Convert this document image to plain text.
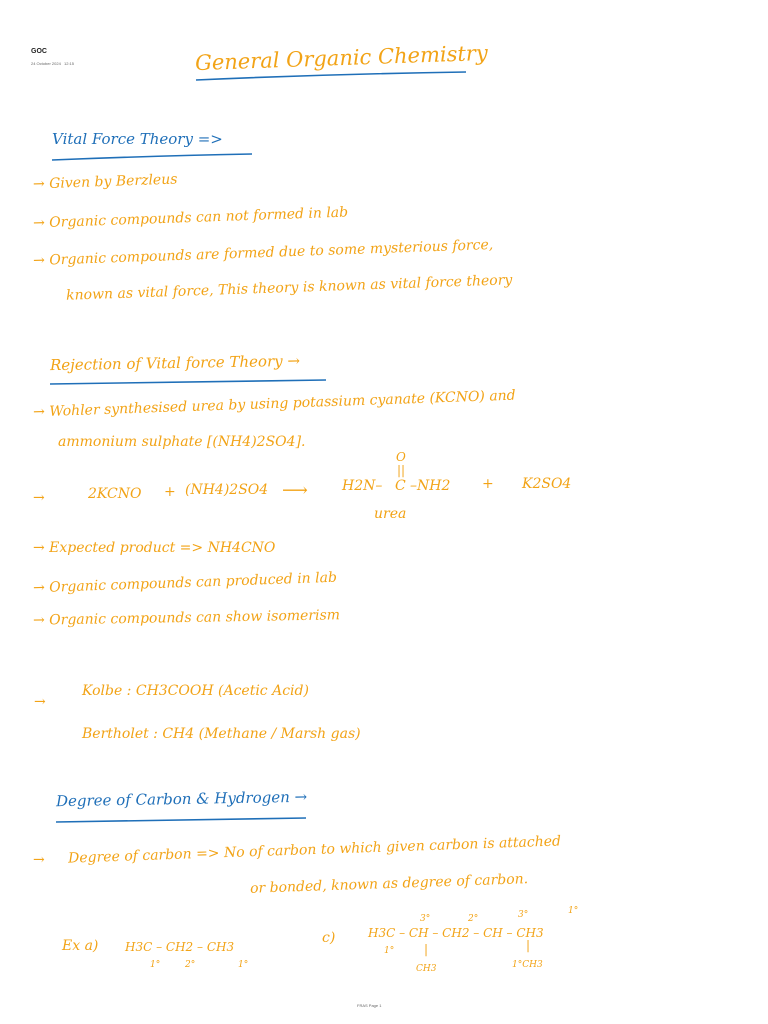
GOC
24 October 2024 12:15	General Organic Chemistry
Vital Force Theory =>
→ Given by Berzleus
→ Organic compounds can not formed in lab
→ Organic compounds are formed due to some mysterious force,
known as vital force, This theory is known as vital force theory
Rejection of Vital force Theory →
→ Wohler synthesised urea by using potassium cyanate (KCNO) and
ammonium sulphate [(NH4)2SO4].
→	2KCNO + (NH4)2SO4 ⟶
O
||
H2N– C –NH2 + K2SO4
urea
→ Expected product => NH4CNO
→ Organic compounds can produced in lab
→ Organic compounds can show isomerism
→
Kolbe : CH3COOH (Acetic Acid)
Bertholet : CH4 (Methane / Marsh gas)
Degree of Carbon & Hydrogen →
→ Degree of carbon => No of carbon to which given carbon is attached
or bonded, known as degree of carbon.
Ex a) H3C – CH2 – CH3
1°	2°	1°
c)
3°	2°	3°	1°
H3C – CH – CH2 – CH – CH3
1° |	|
CH3	1°CH3
FRAS Page 1
